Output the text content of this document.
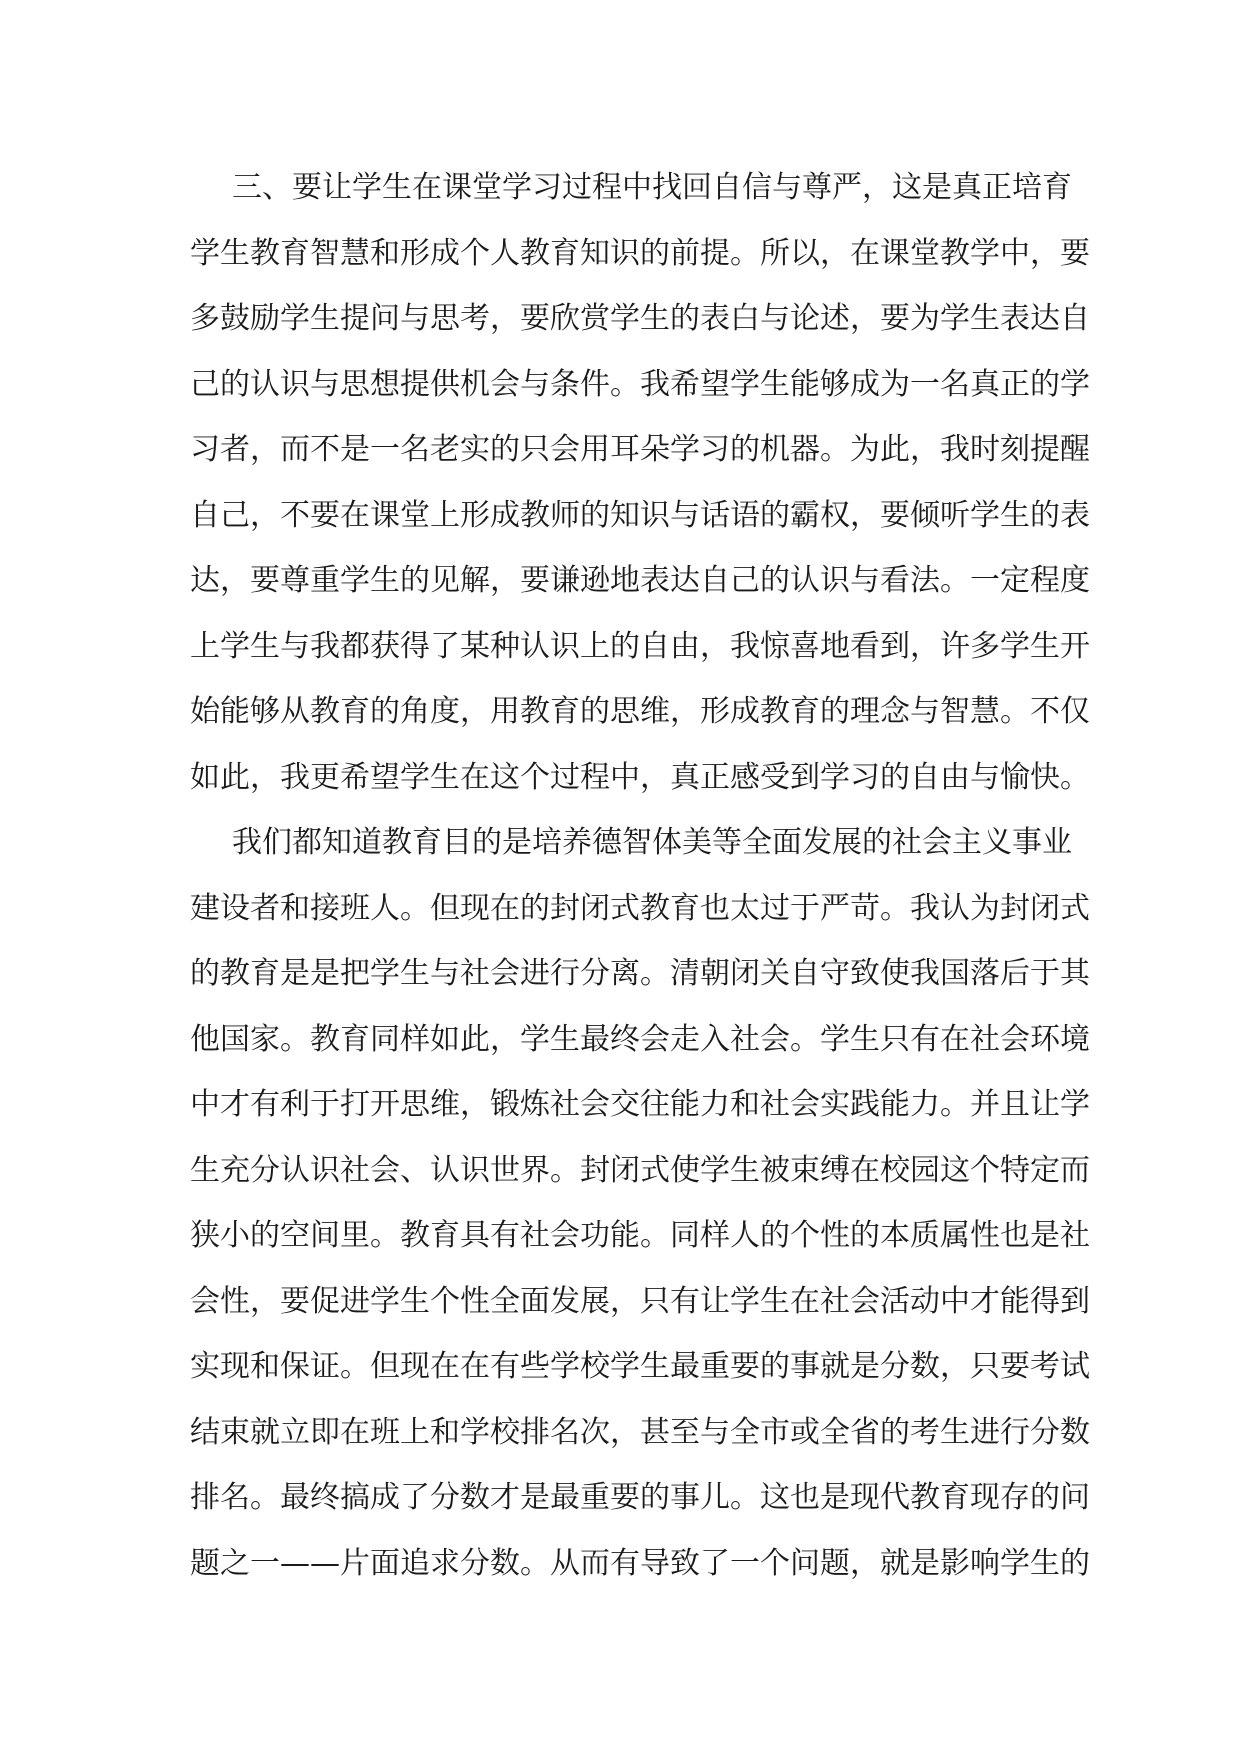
三、要让学生在课堂学习过程中找回自信与尊严，这是真正培育
学生教育智慧和形成个人教育知识的前提。所以，在课堂教学中，要
多鼓励学生提问与思考，要欣赏学生的表白与论述，要为学生表达自
己的认识与思想提供机会与条件。我希望学生能够成为一名真正的学
习者，而不是一名老实的只会用耳朵学习的机器。为此，我时刻提醒
自己，不要在课堂上形成教师的知识与话语的霸权，要倾听学生的表
达，要尊重学生的见解，要谦逊地表达自己的认识与看法。一定程度
上学生与我都获得了某种认识上的自由，我惊喜地看到，许多学生开
始能够从教育的角度，用教育的思维，形成教育的理念与智慧。不仅
如此，我更希望学生在这个过程中，真正感受到学习的自由与愉快。
我们都知道教育目的是培养德智体美等全面发展的社会主义事业
建设者和接班人。但现在的封闭式教育也太过于严苛。我认为封闭式
的教育是是把学生与社会进行分离。清朝闭关自守致使我国落后于其
他国家。教育同样如此，学生最终会走入社会。学生只有在社会环境
中才有利于打开思维，锻炼社会交往能力和社会实践能力。并且让学
生充分认识社会、认识世界。封闭式使学生被束缚在校园这个特定而
狭小的空间里。教育具有社会功能。同样人的个性的本质属性也是社
会性，要促进学生个性全面发展，只有让学生在社会活动中才能得到
实现和保证。但现在在有些学校学生最重要的事就是分数，只要考试
结束就立即在班上和学校排名次，甚至与全市或全省的考生进行分数
排名。最终搞成了分数才是最重要的事儿。这也是现代教育现存的问
题之一——片面追求分数。从而有导致了一个问题，就是影响学生的
